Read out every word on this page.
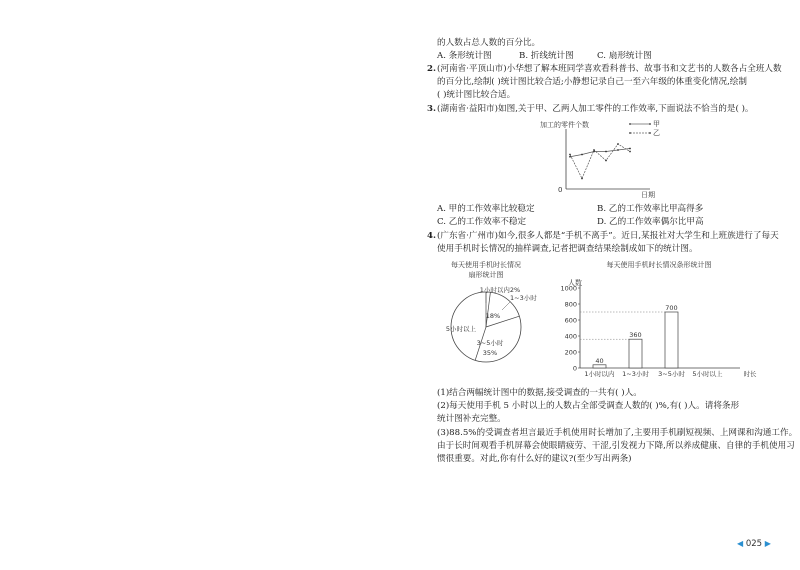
的人数占总人数的百分比。
A. 条形统计图	B. 折线统计图	C. 扇形统计图
2. (河南省·平顶山市)小华想了解本班同学喜欢看科普书、故事书和文艺书的人数各占全班人数
的百分比,绘制( )统计图比较合适;小静想记录自己一至六年级的体重变化情况,绘制
( )统计图比较合适。
3. (湖南省·益阳市)如图,关于甲、乙两人加工零件的工作效率,下面说法不恰当的是( )。
加工的零件个数
0
日期
甲
乙
A. 甲的工作效率比较稳定	B. 乙的工作效率比甲高得多
C. 乙的工作效率不稳定	D. 乙的工作效率偶尔比甲高
4. (广东省·广州市)如今,很多人都是“手机不离手”。近日,某报社对大学生和上班族进行了每天
使用手机时长情况的抽样调查,记者把调查结果绘制成如下的统计图。
每天使用手机时长情况
扇形统计图
1小时以内2%
1~3小时
18%
3~5小时
35%
5小时以上
每天使用手机时长情况条形统计图
人数
0
200
400
600
800
1000
1小时以内
40
1~3小时
360
3~5小时
700
5小时以上	时长
(1)结合两幅统计图中的数据,接受调查的一共有( )人。
(2)每天使用手机 5 小时以上的人数占全部受调查人数的( )%,有( )人。请将条形
统计图补充完整。
(3)88.5%的受调查者坦言最近手机使用时长增加了,主要用手机刷短视频、上网课和沟通工作。
由于长时间观看手机屏幕会使眼睛疲劳、干涩,引发视力下降,所以养成健康、自律的手机使用习
惯很重要。对此,你有什么好的建议?(至少写出两条)
◀ 025 ▶
